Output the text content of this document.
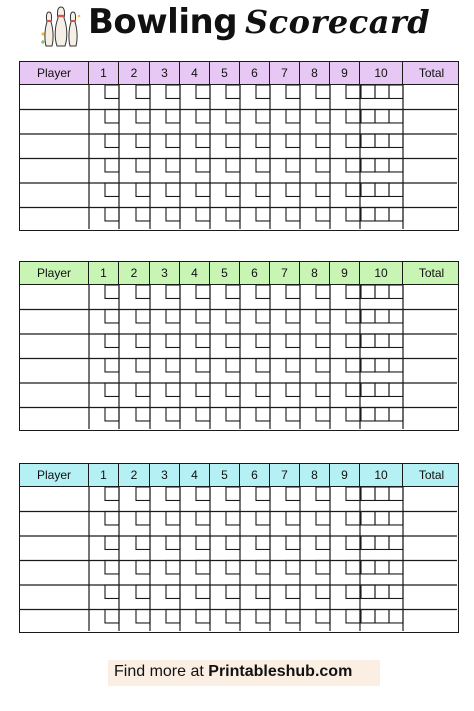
Bowling Scorecard
Player	1	2	3	4	5	6	7	8	9	10	Total
Player	1	2	3	4	5	6	7	8	9	10	Total
Player	1	2	3	4	5	6	7	8	9	10	Total
Find more at Printableshub.com
